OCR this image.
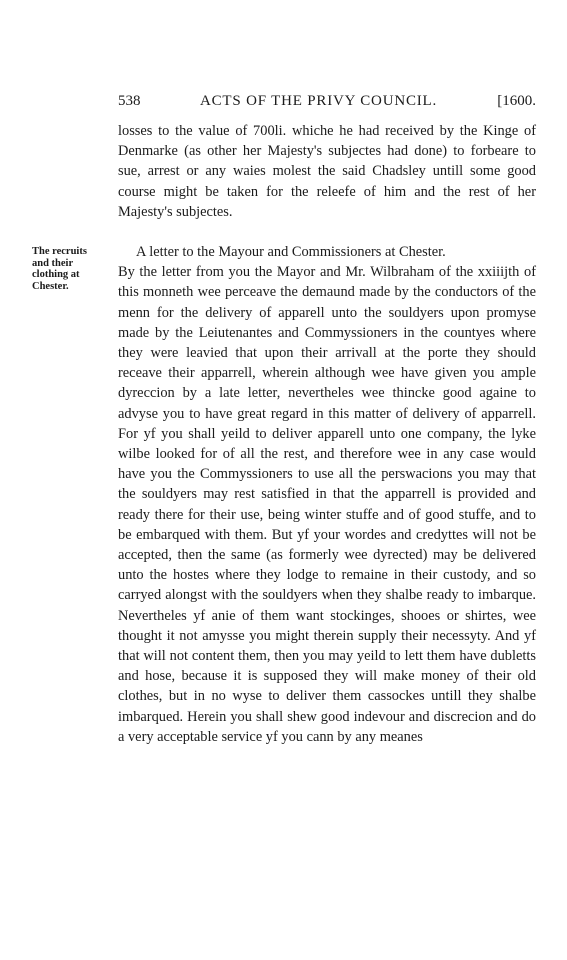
538	ACTS OF THE PRIVY COUNCIL.	[1600.

losses to the value of 700li. whiche he had received by the Kinge of Denmarke (as other her Majesty's subjectes had done) to forbeare to sue, arrest or any waies molest the said Chadsley untill some good course might be taken for the releefe of him and the rest of her Majesty's subjectes.

The recruits
and their
clothing at
Chester.

A letter to the Mayour and Commissioners at Chester.

By the letter from you the Mayor and Mr. Wilbraham of the xxiiijth of this monneth wee perceave the demaund made by the conductors of the menn for the delivery of apparell unto the souldyers upon promyse made by the Leiutenantes and Commyssioners in the countyes where they were leavied that upon their arrivall at the porte they should receave their apparrell, wherein although wee have given you ample dyreccion by a late letter, nevertheles wee thincke good againe to advyse you to have great regard in this matter of delivery of apparrell. For yf you shall yeild to deliver apparell unto one company, the lyke wilbe looked for of all the rest, and therefore wee in any case would have you the Commyssioners to use all the perswacions you may that the souldyers may rest satisfied in that the apparrell is provided and ready there for their use, being winter stuffe and of good stuffe, and to be embarqued with them. But yf your wordes and credyttes will not be accepted, then the same (as formerly wee dyrected) may be delivered unto the hostes where they lodge to remaine in their custody, and so carryed alongst with the souldyers when they shalbe ready to imbarque. Nevertheles yf anie of them want stockinges, shooes or shirtes, wee thought it not amysse you might therein supply their necessyty. And yf that will not content them, then you may yeild to lett them have dubletts and hose, because it is supposed they will make money of their old clothes, but in no wyse to deliver them cassockes untill they shalbe imbarqued. Herein you shall shew good indevour and discrecion and do a very acceptable service yf you cann by any meanes
